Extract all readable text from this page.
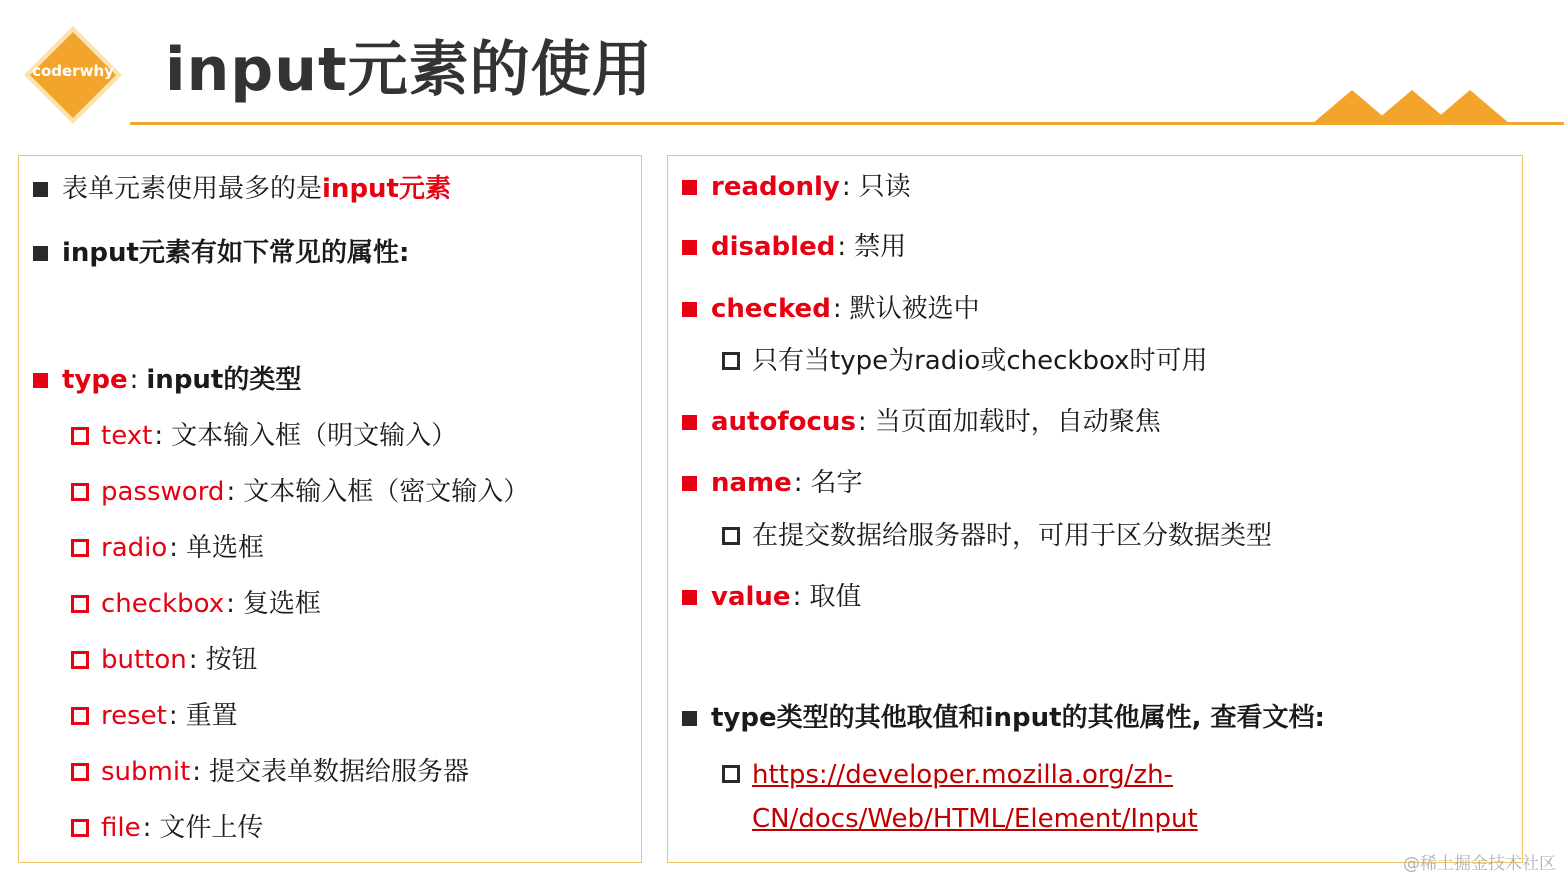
coderwhy input元素的使用
表单元素使用最多的是 input元素
input元素有如下常见的属性:
type : input的类型
text : 文本输入框（明文输入）
password : 文本输入框（密文输入）
radio : 单选框
checkbox : 复选框
button : 按钮
reset : 重置
submit : 提交表单数据给服务器
file : 文件上传
readonly : 只读
disabled : 禁用
checked : 默认被选中
只有当type为radio或checkbox时可用
autofocus : 当页面加载时，自动聚焦
name : 名字
在提交数据给服务器时，可用于区分数据类型
value : 取值
type类型的其他取值和input的其他属性, 查看文档:
https://developer.mozilla.org/zh-
CN/docs/Web/HTML/Element/Input
@稀土掘金技术社区
